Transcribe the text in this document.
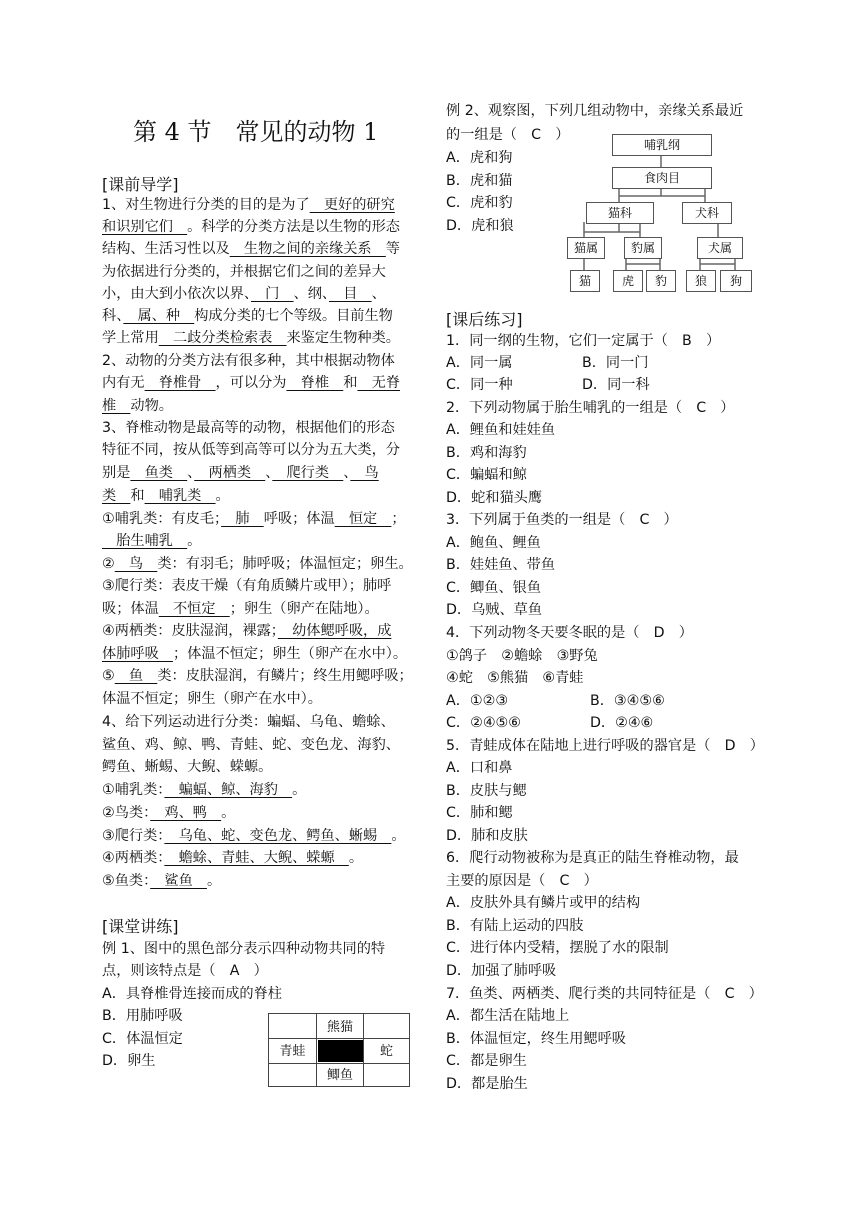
第 4 节　常见的动物 1
[课前导学]
1、对生物进行分类的目的是为了　更好的研究
和识别它们　。科学的分类方法是以生物的形态
结构、生活习性以及　生物之间的亲缘关系　等
为依据进行分类的，并根据它们之间的差异大
小，由大到小依次以界、　门　、纲、　目　、
科、　属、种　构成分类的七个等级。目前生物
学上常用　二歧分类检索表　来鉴定生物种类。
2、动物的分类方法有很多种，其中根据动物体
内有无　脊椎骨　，可以分为　脊椎　和　无脊
椎　动物。
3、脊椎动物是最高等的动物，根据他们的形态
特征不同，按从低等到高等可以分为五大类，分
别是　鱼类　、　两栖类　、　爬行类　、　鸟
类　和　哺乳类　。
①哺乳类：有皮毛；　肺　呼吸；体温　恒定　；
　胎生哺乳　。
②　鸟　类：有羽毛；肺呼吸；体温恒定；卵生。
③爬行类：表皮干燥（有角质鳞片或甲）；肺呼
吸；体温　不恒定　；卵生（卵产在陆地）。
④两栖类：皮肤湿润，裸露；　幼体鳃呼吸，成
体肺呼吸　；体温不恒定；卵生（卵产在水中）。
⑤　鱼　类：皮肤湿润，有鳞片；终生用鳃呼吸；
体温不恒定；卵生（卵产在水中）。
4、给下列运动进行分类：蝙蝠、乌龟、蟾蜍、
鲨鱼、鸡、鲸、鸭、青蛙、蛇、变色龙、海豹、
鳄鱼、蜥蜴、大鲵、蝾螈。
①哺乳类：　蝙蝠、鲸、海豹　。
②鸟类：　鸡、鸭　。
③爬行类：　乌龟、蛇、变色龙、鳄鱼、蜥蜴　。
④两栖类：　蟾蜍、青蛙、大鲵、蝾螈　。
⑤鱼类：　鲨鱼　。
[课堂讲练]
例 1、图中的黑色部分表示四种动物共同的特
点，则该特点是（　A　）
A．具脊椎骨连接而成的脊柱
B．用肺呼吸
C．体温恒定
D．卵生
熊猫
青蛙	蛇
鲫鱼
例 2、观察图，下列几组动物中，亲缘关系最近
的一组是（　C　）
A．虎和狗
B．虎和猫
C．虎和豹
D．虎和狼
哺乳纲
食肉目
猫科	犬科
猫属	豹属	犬属
猫	虎	豹	狼	狗
[课后练习]
1．同一纲的生物，它们一定属于（　B　）
A．同一属	B．同一门
C．同一种	D．同一科
2．下列动物属于胎生哺乳的一组是（　C　）
A．鲤鱼和娃娃鱼
B．鸡和海豹
C．蝙蝠和鲸
D．蛇和猫头鹰
3．下列属于鱼类的一组是（　C　）
A．鲍鱼、鲤鱼
B．娃娃鱼、带鱼
C．鲫鱼、银鱼
D．乌贼、草鱼
4．下列动物冬天要冬眠的是（　D　）
①鸽子　②蟾蜍　③野兔
④蛇　⑤熊猫　⑥青蛙
A．①②③	B．③④⑤⑥
C．②④⑤⑥	D．②④⑥
5．青蛙成体在陆地上进行呼吸的器官是（　D　）
A．口和鼻
B．皮肤与鳃
C．肺和鳃
D．肺和皮肤
6．爬行动物被称为是真正的陆生脊椎动物，最
主要的原因是（　C　）
A．皮肤外具有鳞片或甲的结构
B．有陆上运动的四肢
C．进行体内受精，摆脱了水的限制
D．加强了肺呼吸
7．鱼类、两栖类、爬行类的共同特征是（　C　）
A．都生活在陆地上
B．体温恒定，终生用鳃呼吸
C．都是卵生
D．都是胎生
